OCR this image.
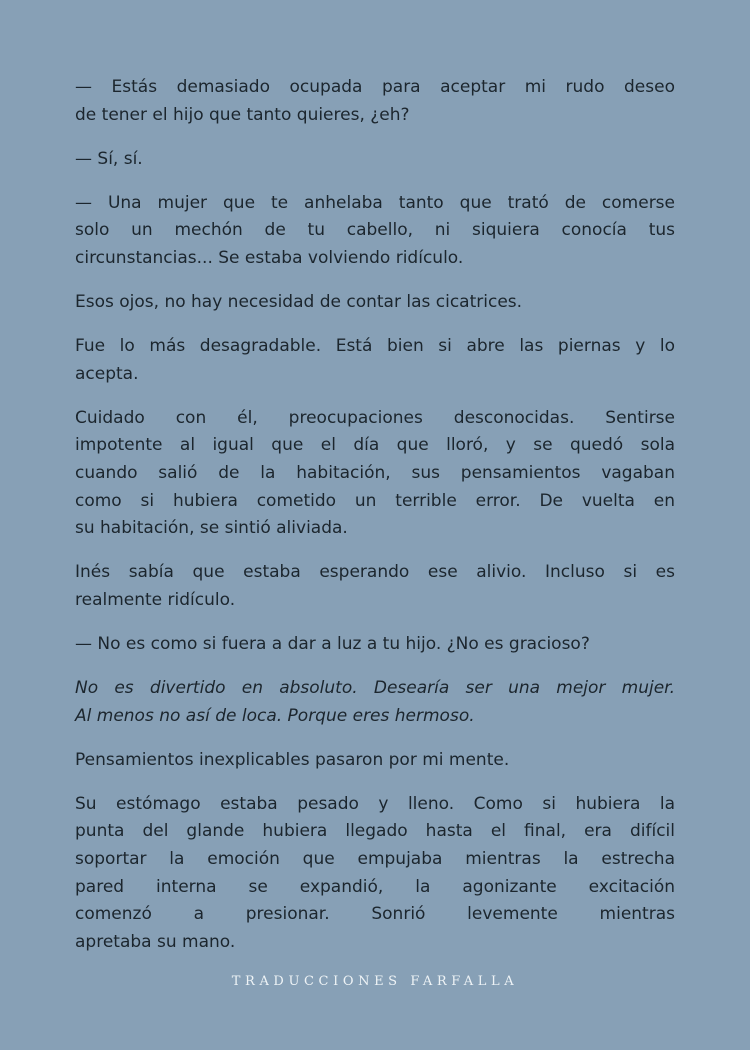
— Estás demasiado ocupada para aceptar mi rudo deseo
de tener el hijo que tanto quieres, ¿eh?
— Sí, sí.
— Una mujer que te anhelaba tanto que trató de comerse
solo un mechón de tu cabello, ni siquiera conocía tus
circunstancias... Se estaba volviendo ridículo.
Esos ojos, no hay necesidad de contar las cicatrices.
Fue lo más desagradable. Está bien si abre las piernas y lo
acepta.
Cuidado con él, preocupaciones desconocidas. Sentirse
impotente al igual que el día que lloró, y se quedó sola
cuando salió de la habitación, sus pensamientos vagaban
como si hubiera cometido un terrible error. De vuelta en
su habitación, se sintió aliviada.
Inés sabía que estaba esperando ese alivio. Incluso si es
realmente ridículo.
— No es como si fuera a dar a luz a tu hijo. ¿No es gracioso?
No es divertido en absoluto. Desearía ser una mejor mujer.
Al menos no así de loca. Porque eres hermoso.
Pensamientos inexplicables pasaron por mi mente.
Su estómago estaba pesado y lleno. Como si hubiera la
punta del glande hubiera llegado hasta el final, era difícil
soportar la emoción que empujaba mientras la estrecha
pared interna se expandió, la agonizante excitación
comenzó a presionar. Sonrió levemente mientras
apretaba su mano.
TRADUCCIONES FARFALLA
